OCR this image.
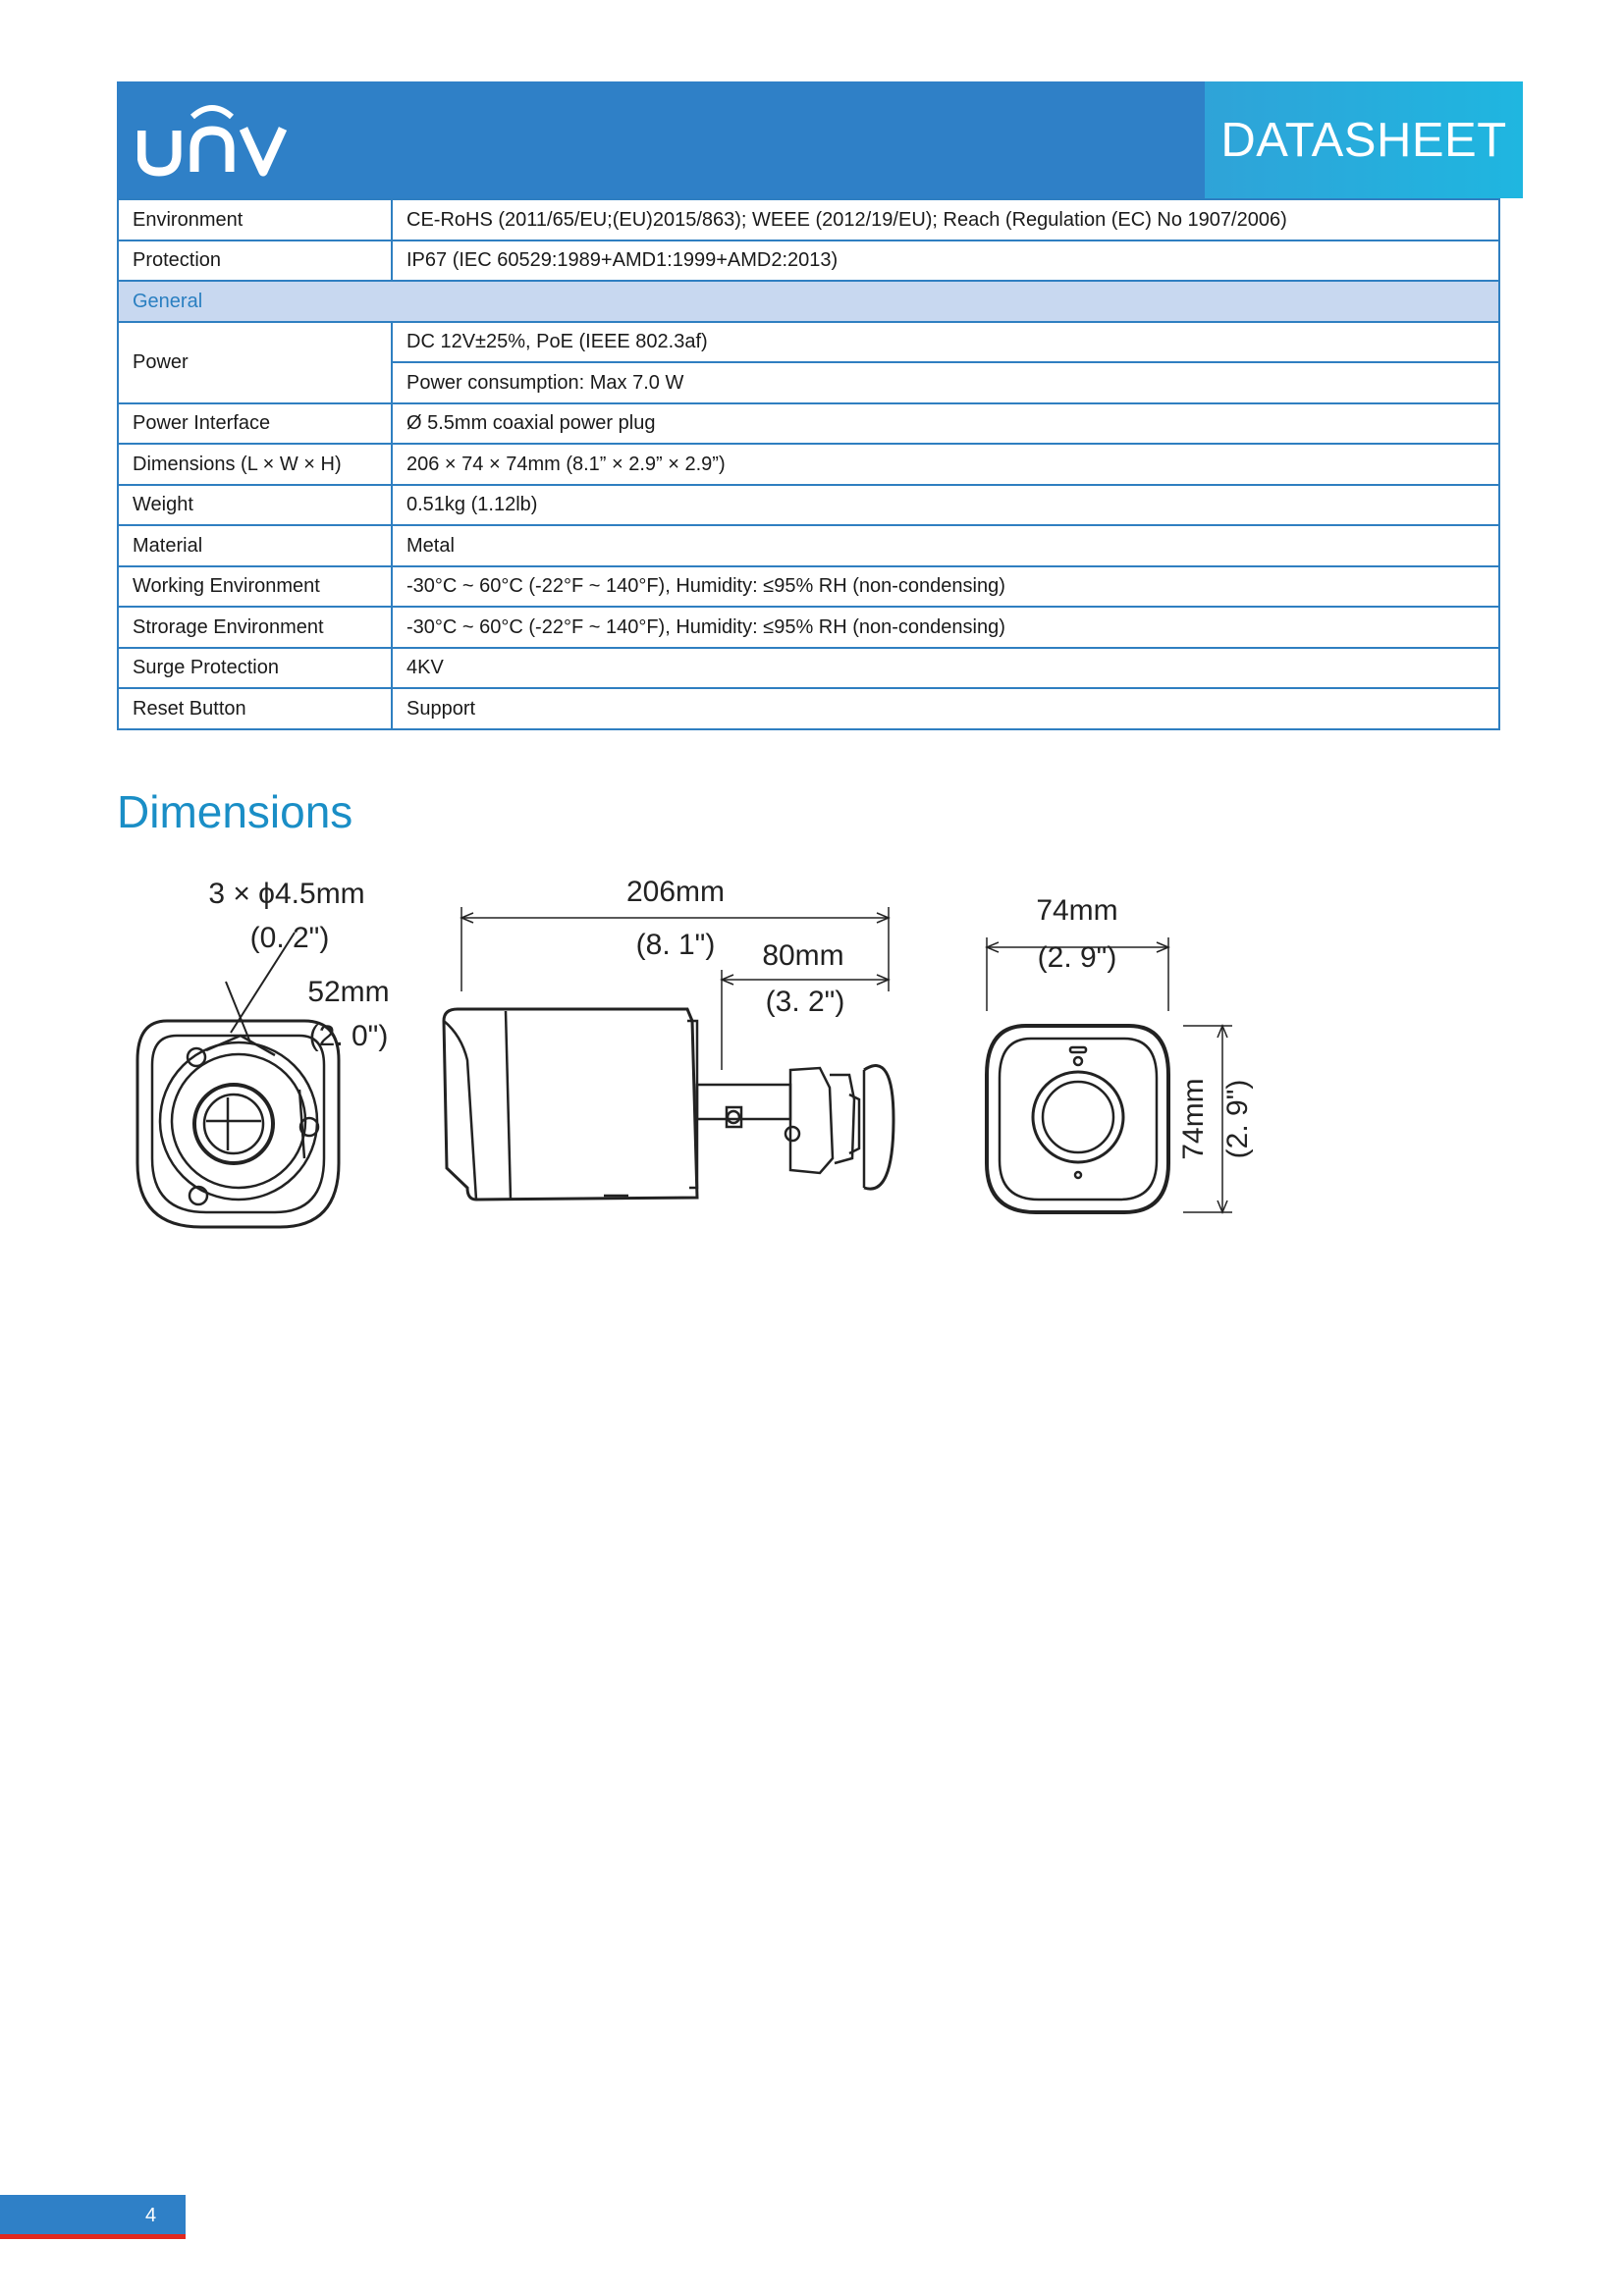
DATASHEET
Environment	CE-RoHS (2011/65/EU;(EU)2015/863); WEEE (2012/19/EU); Reach (Regulation (EC) No 1907/2006)
Protection	IP67 (IEC 60529:1989+AMD1:1999+AMD2:2013)
General	
Power	DC 12V±25%, PoE (IEEE 802.3af)
	Power consumption: Max 7.0 W
Power Interface	Ø 5.5mm coaxial power plug
Dimensions (L × W × H)	206 × 74 × 74mm (8.1” × 2.9” × 2.9”)
Weight	0.51kg (1.12lb)
Material	Metal
Working Environment	-30°C ~ 60°C (-22°F ~ 140°F), Humidity: ≤95% RH (non-condensing)
Strorage Environment	-30°C ~ 60°C (-22°F ~ 140°F), Humidity: ≤95% RH (non-condensing)
Surge Protection	4KV
Reset Button	Support
Dimensions
3 × ϕ4.5mm
(0. 2")
52mm
(2. 0")
206mm
(8. 1") 80mm
(3. 2")
74mm
(2. 9")
74mm (2. 9")
4
